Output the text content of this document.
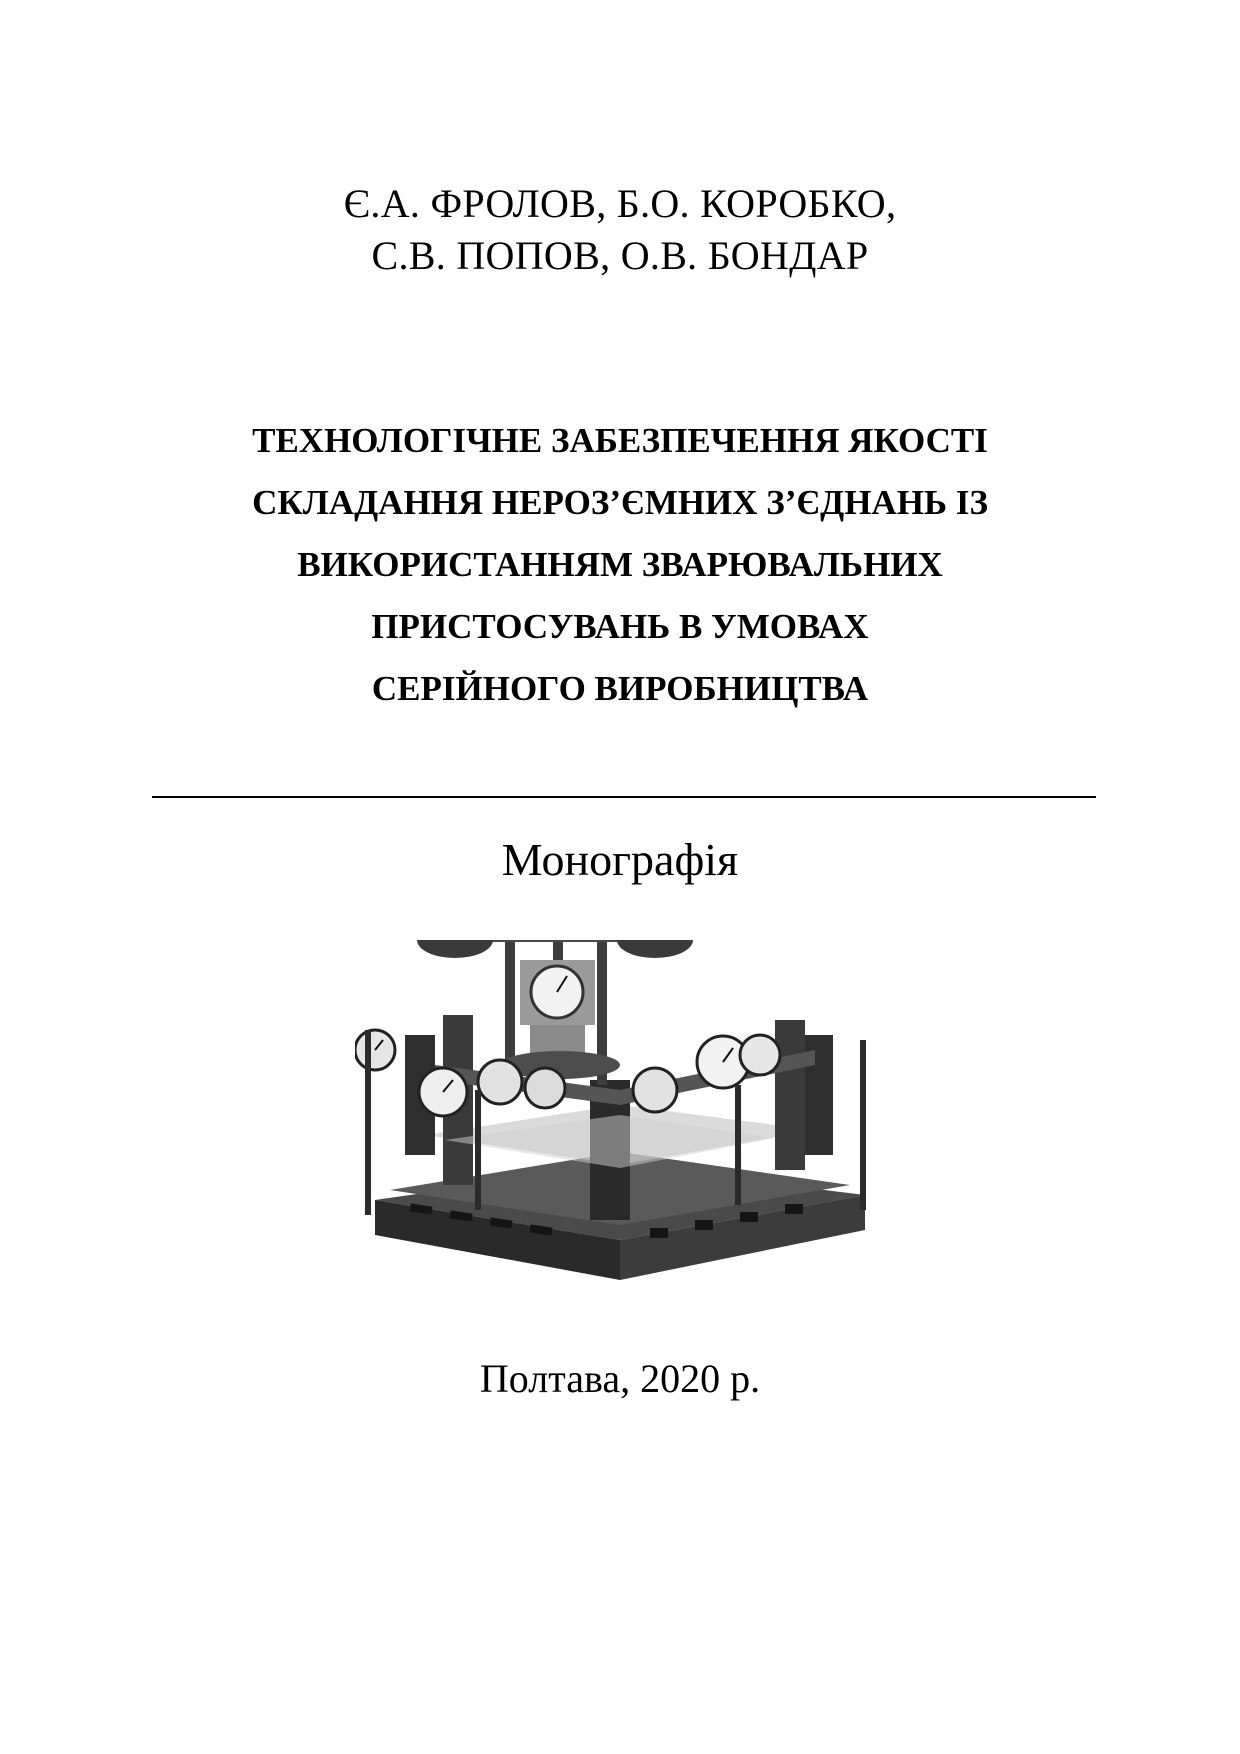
Є.А. ФРОЛОВ, Б.О. КОРОБКО,
С.В. ПОПОВ, О.В. БОНДАР
ТЕХНОЛОГІЧНЕ ЗАБЕЗПЕЧЕННЯ ЯКОСТІ
СКЛАДАННЯ НЕРОЗ’ЄМНИХ З’ЄДНАНЬ ІЗ
ВИКОРИСТАННЯМ ЗВАРЮВАЛЬНИХ
ПРИСТОСУВАНЬ В УМОВАХ
СЕРІЙНОГО ВИРОБНИЦТВА
Монографія
Полтава, 2020 р.
